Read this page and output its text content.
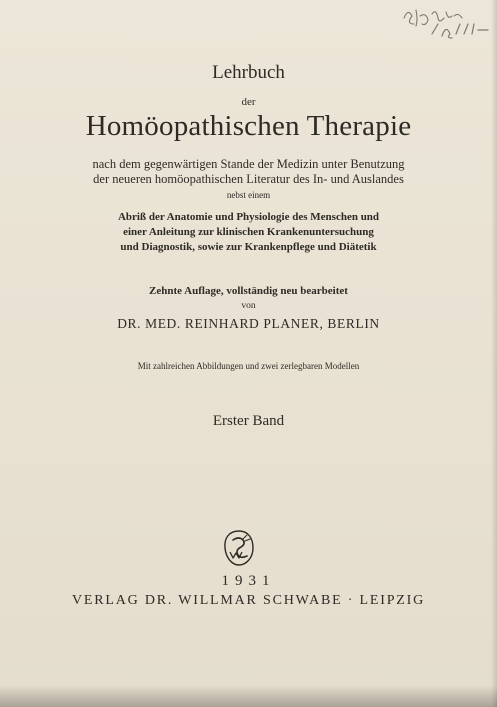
Lehrbuch
der
Homöopathischen Therapie
nach dem gegenwärtigen Stande der Medizin unter Benutzung
der neueren homöopathischen Literatur des In- und Auslandes
nebst einem
Abriß der Anatomie und Physiologie des Menschen und
einer Anleitung zur klinischen Krankenuntersuchung
und Diagnostik, sowie zur Krankenpflege und Diätetik
Zehnte Auflage, vollständig neu bearbeitet
von
DR. MED. REINHARD PLANER, BERLIN
Mit zahlreichen Abbildungen und zwei zerlegbaren Modellen
Erster Band
1931
VERLAG DR. WILLMAR SCHWABE · LEIPZIG
